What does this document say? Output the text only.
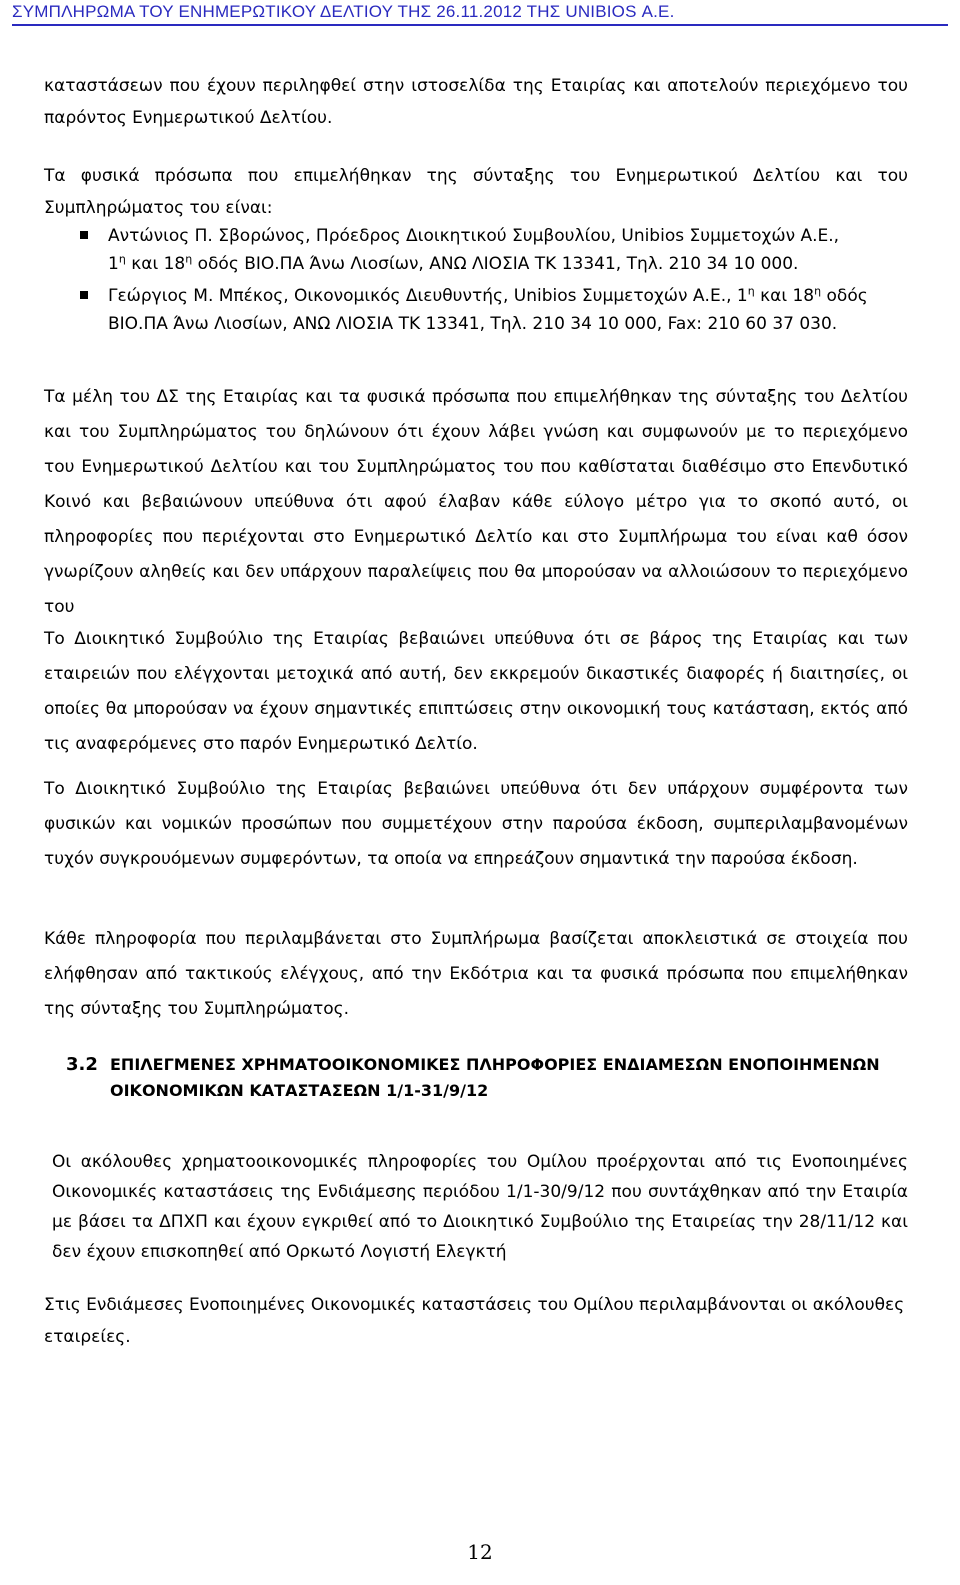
ΣΥΜΠΛΗΡΩΜΑ ΤΟΥ ΕΝΗΜΕΡΩΤΙΚΟΥ ΔΕΛΤΙΟΥ ΤΗΣ 26.11.2012 ΤΗΣ UNIBIOS Α.Ε.
καταστάσεων που έχουν περιληφθεί στην ιστοσελίδα της Εταιρίας και αποτελούν περιεχόμενο του παρόντος Ενημερωτικού Δελτίου.
Τα φυσικά πρόσωπα που επιμελήθηκαν της σύνταξης του Ενημερωτικού Δελτίου και του Συμπληρώματος του είναι:
Αντώνιος Π. Σβορώνος, Πρόεδρος Διοικητικού Συμβουλίου, Unibios Συμμετοχών Α.Ε.,
$1^\eta$ και $18^\eta$ οδός ΒΙΟ.ΠΑ Άνω Λιοσίων, ΑΝΩ ΛΙΟΣΙΑ ΤΚ 13341, Τηλ. 210 34 10 000.
Γεώργιος Μ. Μπέκος, Οικονομικός Διευθυντής, Unibios Συμμετοχών Α.Ε., $1^\eta$ και $18^\eta$ οδός ΒΙΟ.ΠΑ Άνω Λιοσίων, ΑΝΩ ΛΙΟΣΙΑ ΤΚ 13341, Τηλ. 210 34 10 000, Fax: 210 60 37 030.
Τα μέλη του ΔΣ της Εταιρίας και τα φυσικά πρόσωπα που επιμελήθηκαν της σύνταξης του Δελτίου και του Συμπληρώματος του δηλώνουν ότι έχουν λάβει γνώση και συμφωνούν με το περιεχόμενο του Ενημερωτικού Δελτίου και του Συμπληρώματος του που καθίσταται διαθέσιμο στο Επενδυτικό Κοινό και βεβαιώνουν υπεύθυνα ότι αφού έλαβαν κάθε εύλογο μέτρο για το σκοπό αυτό, οι πληροφορίες που περιέχονται στο Ενημερωτικό Δελτίο και στο Συμπλήρωμα του είναι καθ όσον γνωρίζουν αληθείς και δεν υπάρχουν παραλείψεις που θα μπορούσαν να αλλοιώσουν το περιεχόμενο του
Το Διοικητικό Συμβούλιο της Εταιρίας βεβαιώνει υπεύθυνα ότι σε βάρος της Εταιρίας και των εταιρειών που ελέγχονται μετοχικά από αυτή, δεν εκκρεμούν δικαστικές διαφορές ή διαιτησίες, οι οποίες θα μπορούσαν να έχουν σημαντικές επιπτώσεις στην οικονομική τους κατάσταση, εκτός από τις αναφερόμενες στο παρόν Ενημερωτικό Δελτίο.
Το Διοικητικό Συμβούλιο της Εταιρίας βεβαιώνει υπεύθυνα ότι δεν υπάρχουν συμφέροντα των φυσικών και νομικών προσώπων που συμμετέχουν στην παρούσα έκδοση, συμπεριλαμβανομένων τυχόν συγκρουόμενων συμφερόντων, τα οποία να επηρεάζουν σημαντικά την παρούσα έκδοση.
Κάθε πληροφορία που περιλαμβάνεται στο Συμπλήρωμα βασίζεται αποκλειστικά σε στοιχεία που ελήφθησαν από τακτικούς ελέγχους, από την Εκδότρια και τα φυσικά πρόσωπα που επιμελήθηκαν της σύνταξης του Συμπληρώματος.
3.2 ΕΠΙΛΕΓΜΕΝΕΣ ΧΡΗΜΑΤΟΟΙΚΟΝΟΜΙΚΕΣ ΠΛΗΡΟΦΟΡΙΕΣ ΕΝΔΙΑΜΕΣΩΝ ΕΝΟΠΟΙΗΜΕΝΩΝ
ΟΙΚΟΝΟΜΙΚΩΝ ΚΑΤΑΣΤΑΣΕΩΝ 1/1-31/9/12
Οι ακόλουθες χρηματοοικονομικές πληροφορίες του Ομίλου προέρχονται από τις Ενοποιημένες Οικονομικές καταστάσεις της Ενδιάμεσης περιόδου 1/1-30/9/12 που συντάχθηκαν από την Εταιρία με βάσει τα ΔΠΧΠ και έχουν εγκριθεί από το Διοικητικό Συμβούλιο της Εταιρείας την 28/11/12 και δεν έχουν επισκοπηθεί από Ορκωτό Λογιστή Ελεγκτή
Στις Ενδιάμεσες Ενοποιημένες Οικονομικές καταστάσεις του Ομίλου περιλαμβάνονται οι ακόλουθες εταιρείες.
12
